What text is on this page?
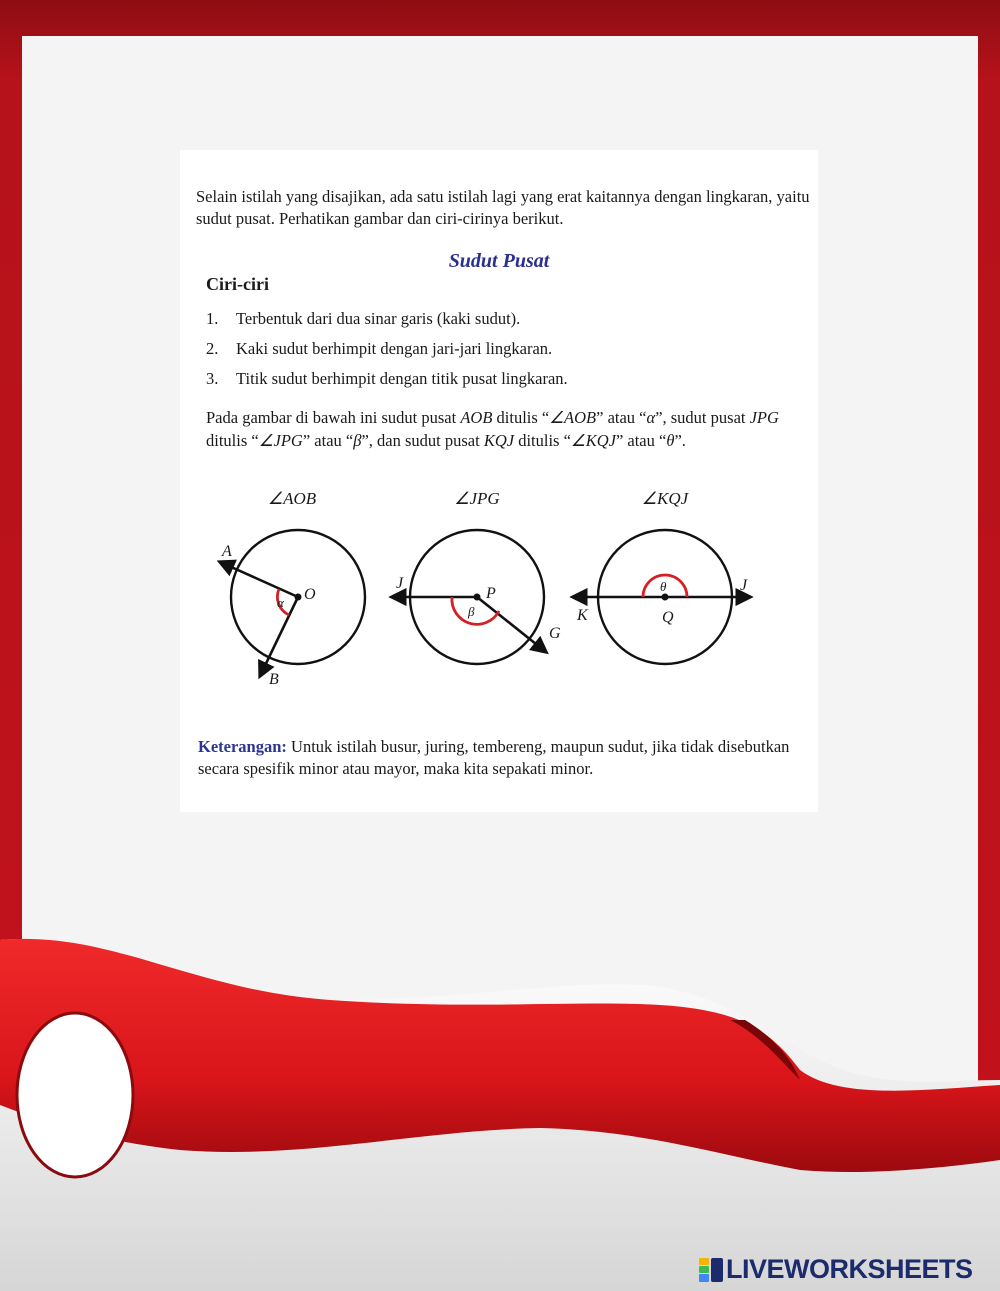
Selain istilah yang disajikan, ada satu istilah lagi yang erat kaitannya dengan lingkaran, yaitu sudut pusat. Perhatikan gambar dan ciri-cirinya berikut.

Sudut Pusat
Ciri-ciri
1.	Terbentuk dari dua sinar garis (kaki sudut).
2.	Kaki sudut berhimpit dengan jari-jari lingkaran.
3.	Titik sudut berhimpit dengan titik pusat lingkaran.

Pada gambar di bawah ini sudut pusat AOB ditulis “∠AOB” atau “α”, sudut pusat JPG ditulis “∠JPG” atau “β”, dan sudut pusat KQJ ditulis “∠KQJ” atau “θ”.

∠AOB
A
O
B
α
∠JPG
J
P
G
β
∠KQJ
K	Q
J
θ

Keterangan: Untuk istilah busur, juring, tembereng, maupun sudut, jika tidak disebutkan secara spesifik minor atau mayor, maka kita sepakati minor.

LIVEWORKSHEETS
